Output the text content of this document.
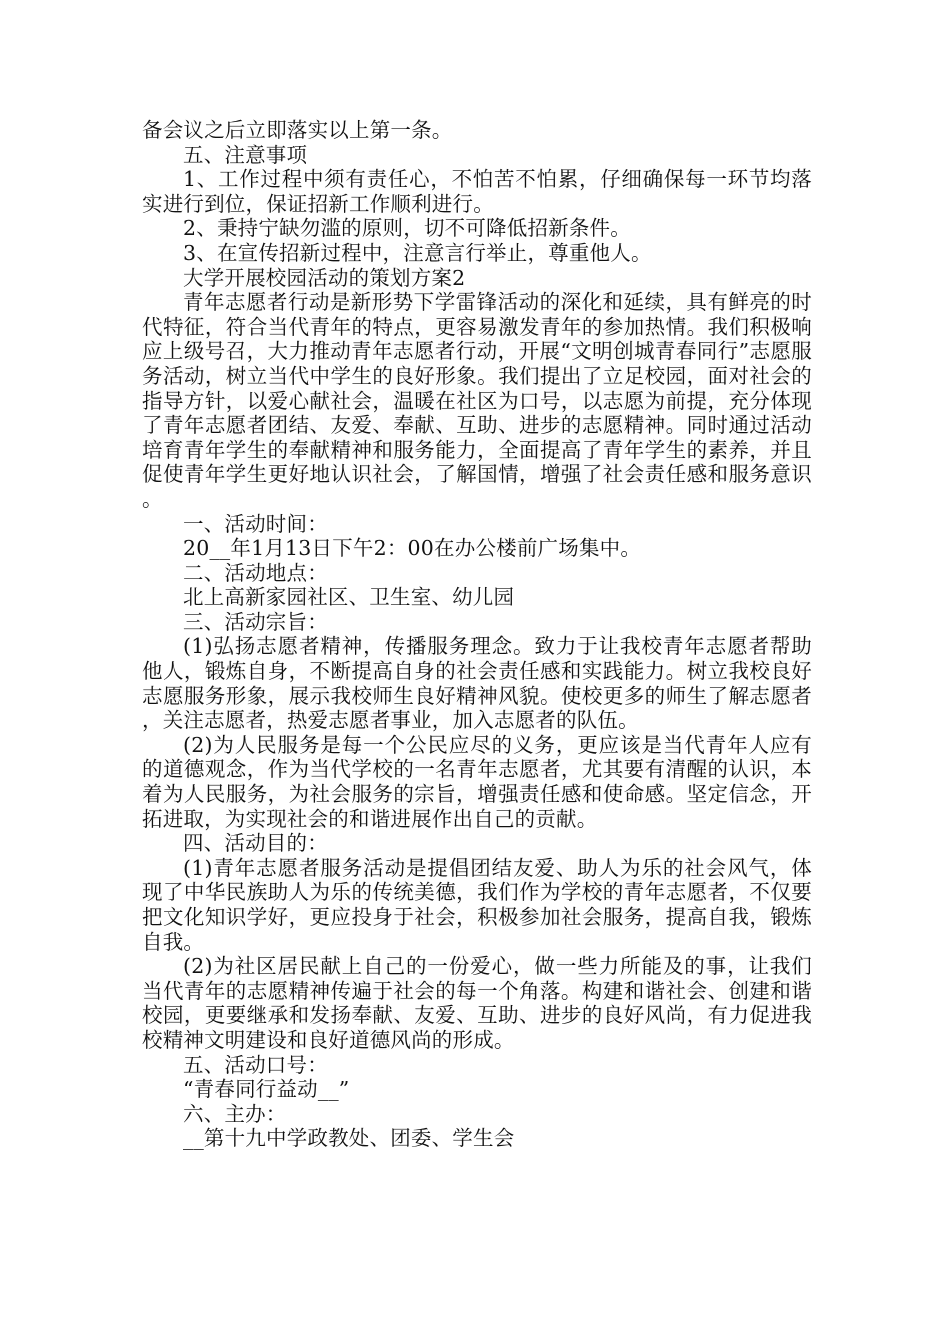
备会议之后立即落实以上第一条。

五、注意事项

1、工作过程中须有责任心，不怕苦不怕累，仔细确保每一环节均落实进行到位，保证招新工作顺利进行。

2、秉持宁缺勿滥的原则，切不可降低招新条件。

3、在宣传招新过程中，注意言行举止，尊重他人。

大学开展校园活动的策划方案2

青年志愿者行动是新形势下学雷锋活动的深化和延续，具有鲜亮的时代特征，符合当代青年的特点，更容易激发青年的参加热情。我们积极响应上级号召，大力推动青年志愿者行动，开展“文明创城青春同行”志愿服务活动，树立当代中学生的良好形象。我们提出了立足校园，面对社会的指导方针，以爱心献社会，温暖在社区为口号，以志愿为前提，充分体现了青年志愿者团结、友爱、奉献、互助、进步的志愿精神。同时通过活动培育青年学生的奉献精神和服务能力，全面提高了青年学生的素养，并且促使青年学生更好地认识社会，了解国情，增强了社会责任感和服务意识。

一、活动时间：

20__年1月13日下午2：00在办公楼前广场集中。

二、活动地点：

北上高新家园社区、卫生室、幼儿园

三、活动宗旨：

(1)弘扬志愿者精神，传播服务理念。致力于让我校青年志愿者帮助他人，锻炼自身，不断提高自身的社会责任感和实践能力。树立我校良好志愿服务形象，展示我校师生良好精神风貌。使校更多的师生了解志愿者，关注志愿者，热爱志愿者事业，加入志愿者的队伍。

(2)为人民服务是每一个公民应尽的义务，更应该是当代青年人应有的道德观念，作为当代学校的一名青年志愿者，尤其要有清醒的认识，本着为人民服务，为社会服务的宗旨，增强责任感和使命感。坚定信念，开拓进取，为实现社会的和谐进展作出自己的贡献。

四、活动目的：

(1)青年志愿者服务活动是提倡团结友爱、助人为乐的社会风气，体现了中华民族助人为乐的传统美德，我们作为学校的青年志愿者，不仅要把文化知识学好，更应投身于社会，积极参加社会服务，提高自我，锻炼自我。

(2)为社区居民献上自己的一份爱心，做一些力所能及的事，让我们当代青年的志愿精神传遍于社会的每一个角落。构建和谐社会、创建和谐校园，更要继承和发扬奉献、友爱、互助、进步的良好风尚，有力促进我校精神文明建设和良好道德风尚的形成。

五、活动口号：

“青春同行益动__”

六、主办：

__第十九中学政教处、团委、学生会
